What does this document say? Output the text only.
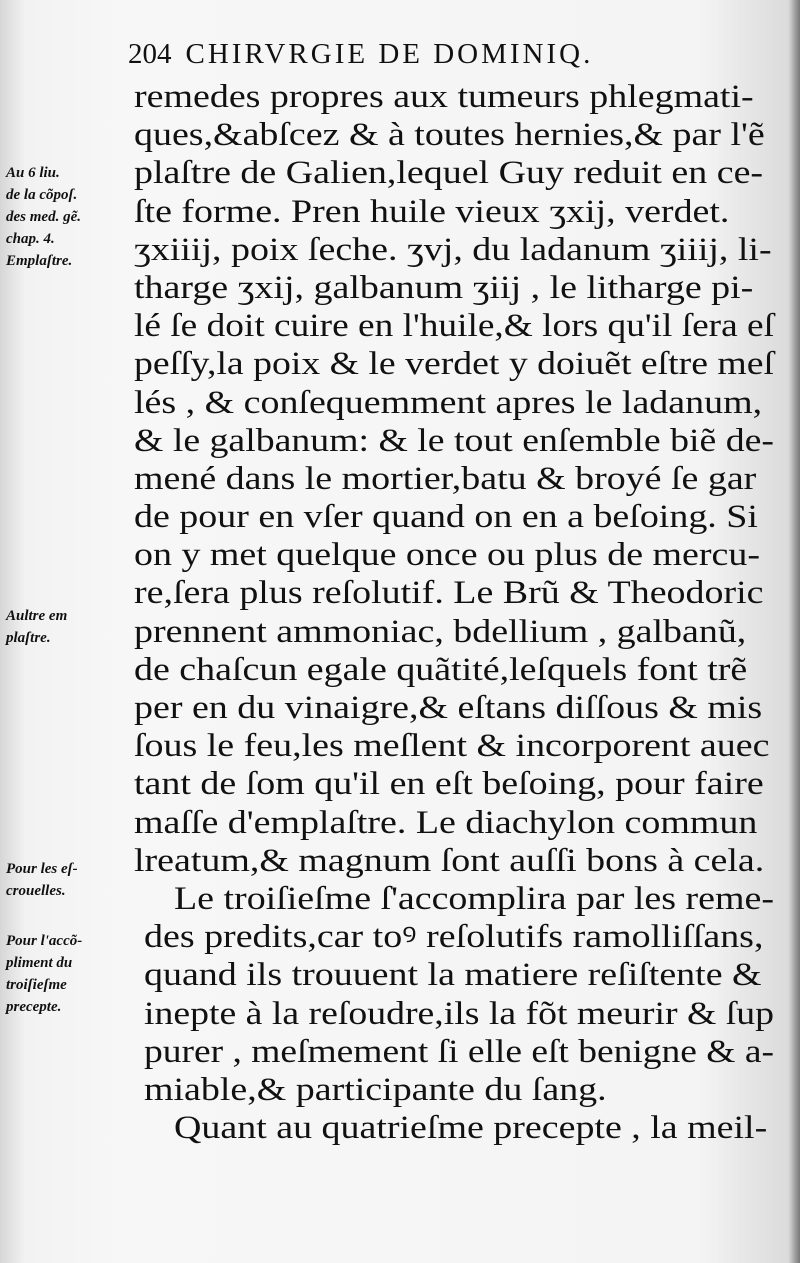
204 CHIRVRGIE DE DOMINIQ.
remedes propres aux tumeurs phlegmati-
ques,&abſcez & à toutes hernies,& par l'ẽ
plaſtre de Galien,lequel Guy reduit en ce-
ſte forme. Pren huile vieux ʒxij, verdet.
ʒxiiij, poix ſeche. ʒvj, du ladanum ʒiiij, li-
tharge ʒxij, galbanum ʒiij , le litharge pi-
lé ſe doit cuire en l'huile,& lors qu'il ſera eſ
peſſy,la poix & le verdet y doiuẽt eſtre meſ
lés , & conſequemment apres le ladanum,
& le galbanum: & le tout enſemble biẽ de-
mené dans le mortier,batu & broyé ſe gar
de pour en vſer quand on en a beſoing. Si
on y met quelque once ou plus de mercu-
re,ſera plus reſolutif. Le Brũ & Theodoric
prennent ammoniac, bdellium , galbanũ,
de chaſcun egale quãtité,leſquels font trẽ
per en du vinaigre,& eſtans diſſous & mis
ſous le feu,les meſlent & incorporent auec
tant de ſom qu'il en eſt beſoing, pour faire
maſſe d'emplaſtre. Le diachylon commun
lreatum,& magnum ſont auſſi bons à cela.
Le troiſieſme ſ'accomplira par les reme-
des predits,car toꝰ reſolutifs ramolliſſans,
quand ils trouuent la matiere reſiſtente &
inepte à la reſoudre,ils la fõt meurir & ſup
purer , meſmement ſi elle eſt benigne & a-
miable,& participante du ſang.
Quant au quatrieſme precepte , la meil-
Au 6 liu.
de la cõpoſ.
des med. gẽ.
chap. 4.
Emplaſtre.
Aultre em
plaſtre.
Pour les eſ-
crouelles.
Pour l'accõ-
pliment du
troiſieſme
precepte.
